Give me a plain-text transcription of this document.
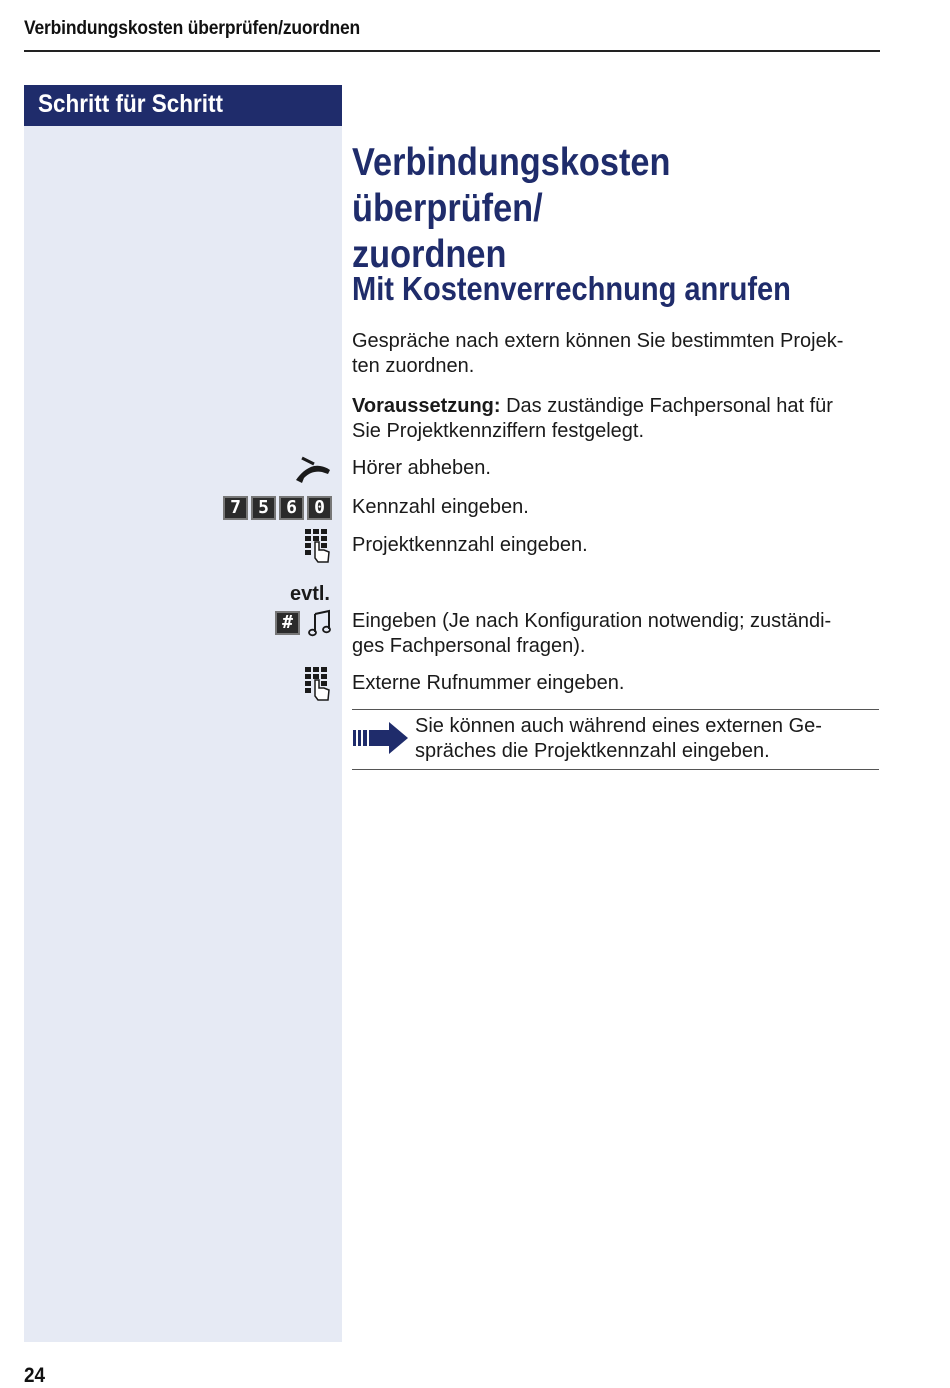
Verbindungskosten überprüfen/zuordnen
Schritt für Schritt
Verbindungskosten überprüfen/
zuordnen
Mit Kostenverrechnung anrufen
Gespräche nach extern können Sie bestimmten Projek-
ten zuordnen.
Voraussetzung: Das zuständige Fachpersonal hat für
Sie Projektkennziffern festgelegt.
Hörer abheben.
7 5 6 0	Kennzahl eingeben.
Projektkennzahl eingeben.
evtl.
#	Eingeben (Je nach Konfiguration notwendig; zuständi-
ges Fachpersonal fragen).
Externe Rufnummer eingeben.
Sie können auch während eines externen Ge-
spräches die Projektkennzahl eingeben.
24
